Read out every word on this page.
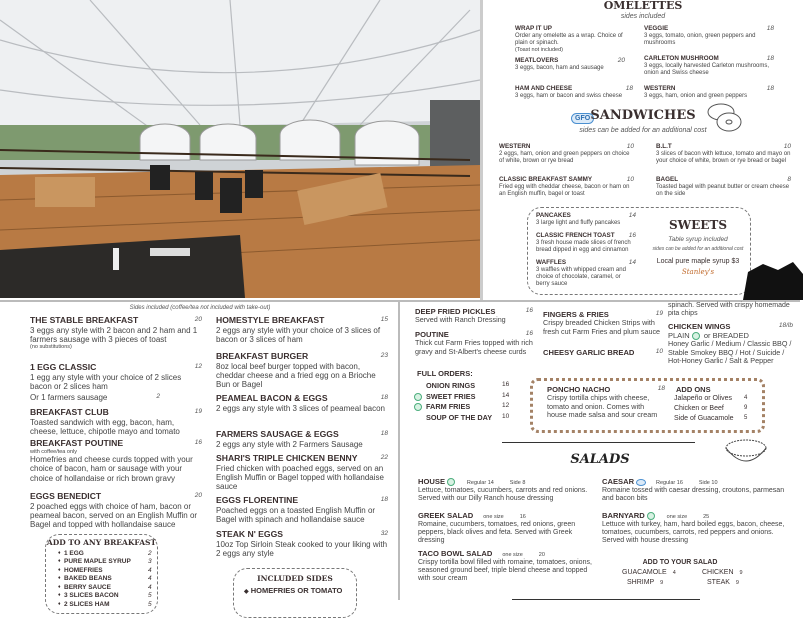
OMELETTES
sides included
WRAP IT UP
Order any omelette as a wrap. Choice of plain or spinach.
(Toast not included)
VEGGIE	18
3 eggs, tomato, onion, green peppers and mushrooms
MEATLOVERS	20
3 eggs, bacon, ham and sausage
CARLETON MUSHROOM	18
3 eggs, locally harvested Carleton mushrooms, onion and Swiss cheese
HAM AND CHEESE	18
3 eggs, ham or bacon and swiss cheese
WESTERN	18
3 eggs, ham, onion and green peppers
WESTERN	10
2 eggs, ham, onion and green peppers on choice of white, brown or rye bread
B.L.T	10
3 slices of bacon with lettuce, tomato and mayo on your choice of white, brown or rye bread or bagel
CLASSIC BREAKFAST SAMMY	10
Fried egg with cheddar cheese, bacon or ham on an English muffin, bagel or toast
BAGEL	8
Toasted bagel with peanut butter or cream cheese on the side
PANCAKES	14
3 large light and fluffy pancakes
CLASSIC FRENCH TOAST	16
3 fresh house made slices of french bread dipped in egg and cinnamon
WAFFLES	14
3 waffles with whipped cream and choice of chocolate, caramel, or berry sauce
GFO SANDWICHES
sides can be added for an additional cost
SWEETS
Table syrup included
sides can be added for an additional cost
Local pure maple syrup $3
Stanley's
Sides included (coffee/tea not included with take-out)
THE STABLE BREAKFAST	20
3 eggs any style with 2 bacon and 2 ham and 1 farmers sausage with 3 pieces of toast
(no substitutions)
1 EGG CLASSIC	12
1 egg any style with your choice of 2 slices bacon or 2 slices ham
2
Or 1 farmers sausage
BREAKFAST CLUB	19
Toasted sandwich with egg, bacon, ham, cheese, lettuce, chipotle mayo and tomato
BREAKFAST POUTINE	16
with coffee/tea only
Homefries and cheese curds topped with your choice of bacon, ham or sausage with your choice of hollandaise or rich brown gravy
EGGS BENEDICT	20
2 poached eggs with choice of ham, bacon or peameal bacon, served on an English Muffin or Bagel and topped with hollandaise sauce
HOMESTYLE BREAKFAST	15
2 eggs any style with your choice of 3 slices of bacon or 3 slices of ham
BREAKFAST BURGER	23
8oz local beef burger topped with bacon, cheddar cheese and a fried egg on a Brioche Bun or Bagel
PEAMEAL BACON & EGGS	18
2 eggs any style with 3 slices of peameal bacon
FARMERS SAUSAGE & EGGS	18
2 eggs any style with 2 Farmers Sausage
SHARI'S TRIPLE CHICKEN BENNY	22
Fried chicken with poached eggs, served on an English Muffin or Bagel topped with hollandaise sauce
EGGS FLORENTINE	18
Poached eggs on a toasted English Muffin or Bagel with spinach and hollandaise sauce
STEAK N' EGGS	32
10oz Top Sirloin Steak cooked to your liking with 2 eggs any style
ADD TO ANY BREAKFAST
♦ 1 EGG	2
♦ PURE MAPLE SYRUP	3
♦ HOMEFRIES	4
♦ BAKED BEANS	4
♦ BERRY SAUCE	4
♦ 3 SLICES BACON	5
♦ 2 SLICES HAM	5
INCLUDED SIDES
◆ HOMEFRIES OR TOMATO
DEEP FRIED PICKLES	16
Served with Ranch Dressing
POUTINE	16
Thick cut Farm Fries topped with rich gravy and St-Albert's cheese curds
FINGERS & FRIES	19
Crispy breaded Chicken Strips with fresh cut Farm Fries and plum sauce
CHEESY GARLIC BREAD	10
spinach. Served with crispy homemade pita chips
CHICKEN WINGS	18/lb
PLAIN or BREADED
Honey Garlic / Medium / Classic BBQ / Stable Smokey BBQ / Hot / Suicide / Hot-Honey Garlic / Salt & Pepper
FULL ORDERS:
ONION RINGS	16
SWEET FRIES	14
FARM FRIES	12
SOUP OF THE DAY 10
PONCHO NACHO	18
Crispy tortilla chips with cheese, tomato and onion. Comes with house made salsa and sour cream
ADD ONS
Jalapeño or Olives 4
Chicken or Beef	9
Side of Guacamole 5
SALADS
HOUSE	Regular 14	Side 8
Lettuce, tomatoes, cucumbers, carrots and red onions. Served with our Dilly Ranch house dressing
CAESAR	Regular 16	Side 10
Romaine tossed with caesar dressing, croutons, parmesan and bacon bits
GREEK SALAD one size	16
Romaine, cucumbers, tomatoes, red onions, green peppers, black olives and feta. Served with Greek dressing
BARNYARD	one size	25
Lettuce with turkey, ham, hard boiled eggs, bacon, cheese, tomatoes, cucumbers, carrots, red peppers and onions. Served with house dressing
TACO BOWL SALAD one size	20
Crispy tortilla bowl filled with romaine, tomatoes, onions, seasoned ground beef, triple blend cheese and topped with sour cream
ADD TO YOUR SALAD
GUACAMOLE 4	CHICKEN 9
SHRIMP 9	STEAK 9
